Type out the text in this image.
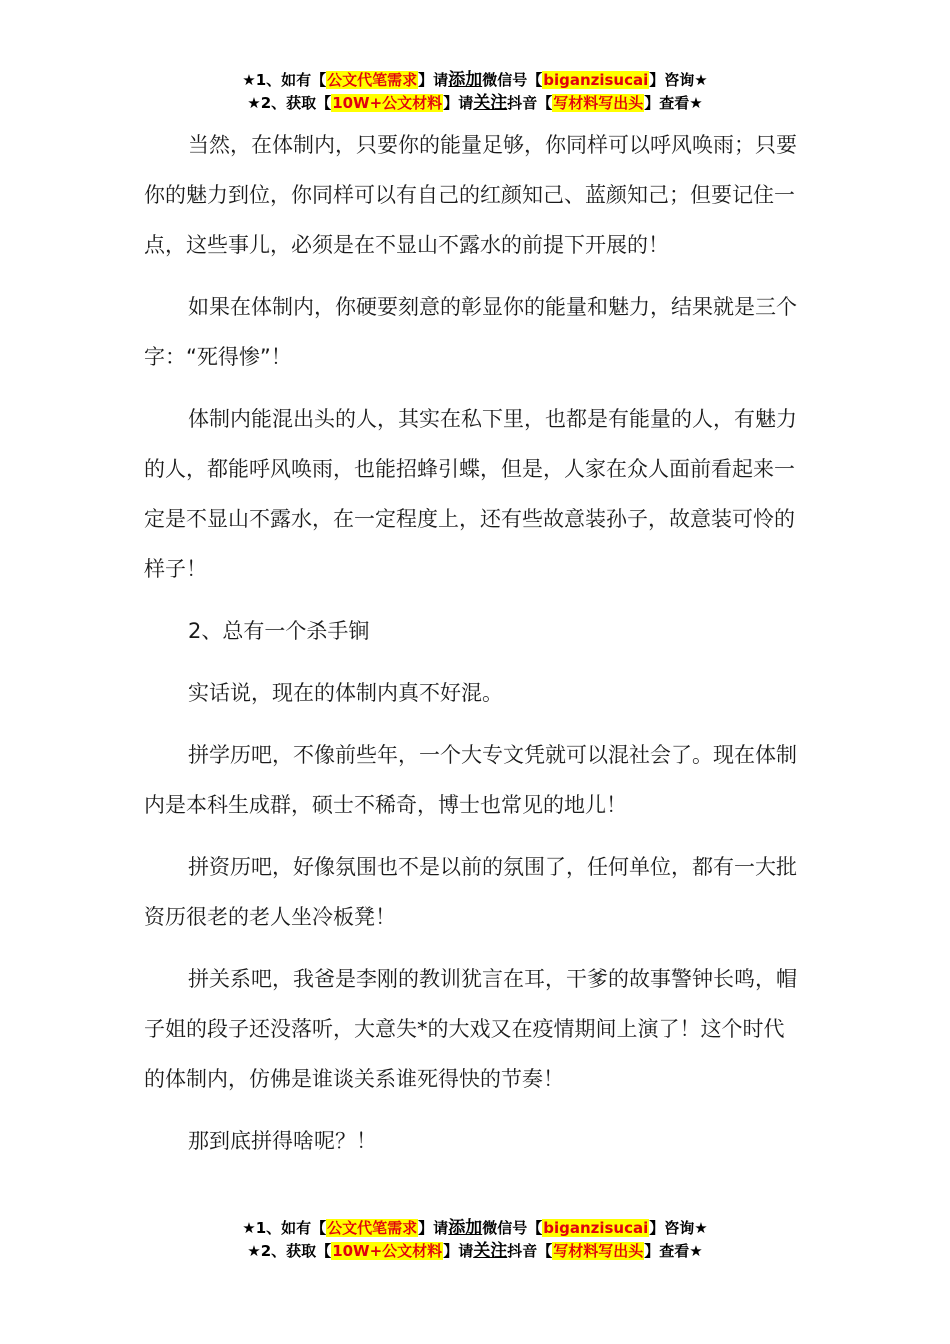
★1、如有【公文代笔需求】请添加微信号【biganzisucai】咨询★
★2、获取【10W+公文材料】请关注抖音【写材料写出头】查看★

当然，在体制内，只要你的能量足够，你同样可以呼风唤雨；只要你的魅力到位，你同样可以有自己的红颜知己、蓝颜知己；但要记住一点，这些事儿，必须是在不显山不露水的前提下开展的！

如果在体制内，你硬要刻意的彰显你的能量和魅力，结果就是三个字：“死得惨”！

体制内能混出头的人，其实在私下里，也都是有能量的人，有魅力的人，都能呼风唤雨，也能招蜂引蝶，但是，人家在众人面前看起来一定是不显山不露水，在一定程度上，还有些故意装孙子，故意装可怜的样子！

2、总有一个杀手锏

实话说，现在的体制内真不好混。

拼学历吧，不像前些年，一个大专文凭就可以混社会了。现在体制内是本科生成群，硕士不稀奇，博士也常见的地儿！

拼资历吧，好像氛围也不是以前的氛围了，任何单位，都有一大批资历很老的老人坐冷板凳！

拼关系吧，我爸是李刚的教训犹言在耳，干爹的故事警钟长鸣，帽子姐的段子还没落听，大意失*的大戏又在疫情期间上演了！这个时代的体制内，仿佛是谁谈关系谁死得快的节奏！

那到底拼得啥呢？！

★1、如有【公文代笔需求】请添加微信号【biganzisucai】咨询★
★2、获取【10W+公文材料】请关注抖音【写材料写出头】查看★
